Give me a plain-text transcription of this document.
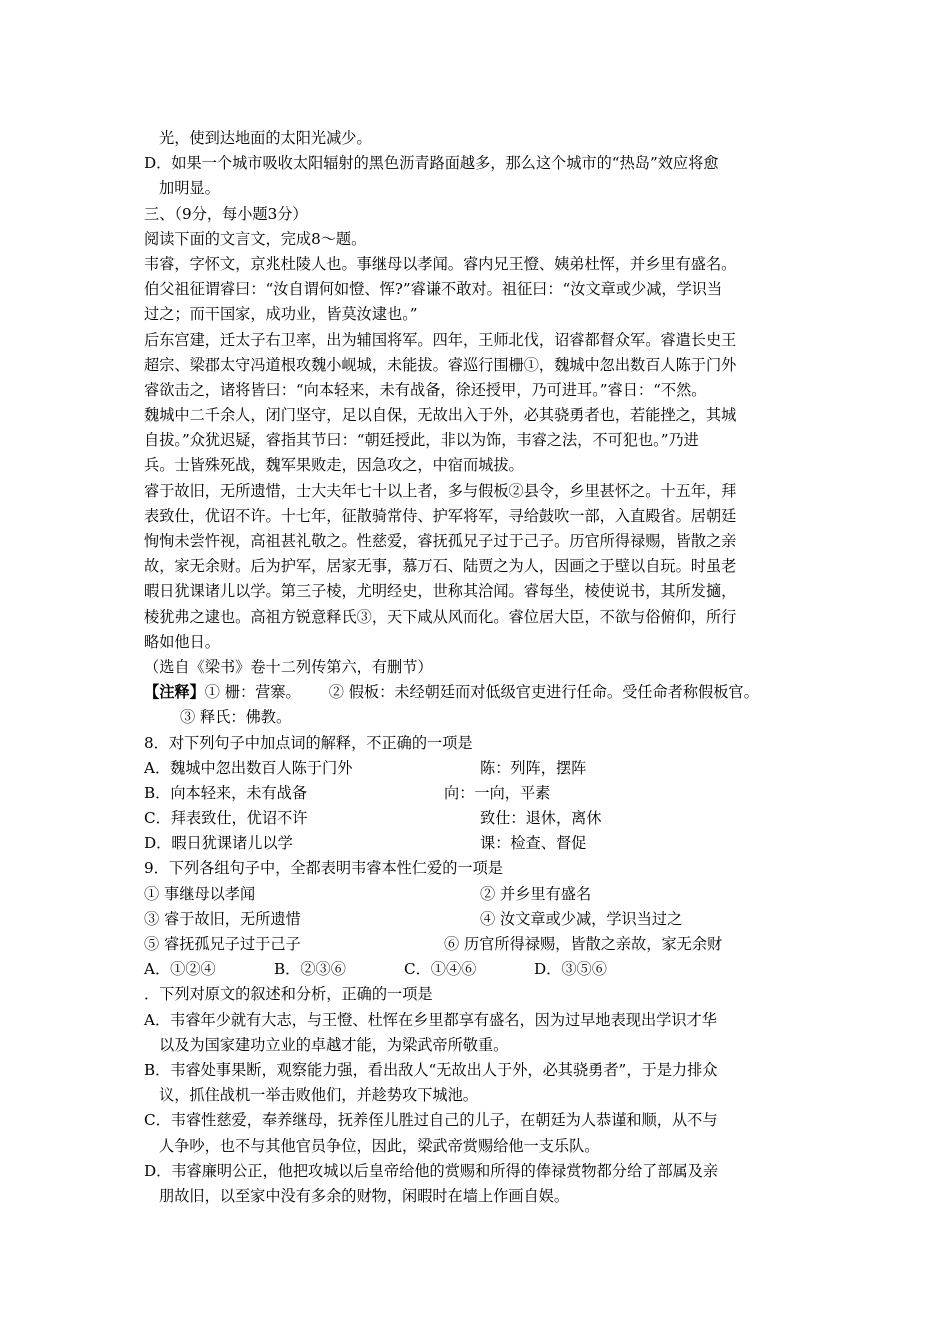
光，使到达地面的太阳光减少。
D．如果一个城市吸收太阳辐射的黑色沥青路面越多，那么这个城市的“热岛”效应将愈
加明显。
三、（9分，每小题3分）
阅读下面的文言文，完成8～题。
韦睿，字怀文，京兆杜陵人也。事继母以孝闻。睿内兄王憕、姨弟杜恽，并乡里有盛名。
伯父祖征谓睿曰：“汝自谓何如憕、恽?”睿谦不敢对。祖征曰：“汝文章或少减，学识当
过之；而干国家，成功业，皆莫汝逮也。”
后东宫建，迁太子右卫率，出为辅国将军。四年，王师北伐，诏睿都督众军。睿遣长史王
超宗、梁郡太守冯道根攻魏小岘城，未能拔。睿巡行围栅①，魏城中忽出数百人陈于门外
睿欲击之，诸将皆曰：“向本轻来，未有战备，徐还授甲，乃可进耳。”睿日：“不然。
魏城中二千余人，闭门坚守，足以自保，无故出入于外，必其骁勇者也，若能挫之，其城
自拔。”众犹迟疑，睿指其节曰：“朝廷授此，非以为饰，韦睿之法，不可犯也。”乃进
兵。士皆殊死战，魏军果败走，因急攻之，中宿而城拔。
睿于故旧，无所遗惜，士大夫年七十以上者，多与假板②县令，乡里甚怀之。十五年，拜
表致仕，优诏不许。十七年，征散骑常侍、护军将军，寻给鼓吹一部，入直殿省。居朝廷
恂恂未尝忤视，高祖甚礼敬之。性慈爱，睿抚孤兄子过于己子。历官所得禄赐，皆散之亲
故，家无余财。后为护军，居家无事，慕万石、陆贾之为人，因画之于壁以自玩。时虽老
暇日犹课诸儿以学。第三子棱，尤明经史，世称其洽闻。睿每坐，棱使说书，其所发擿，
棱犹弗之逮也。高祖方锐意释氏③，天下咸从风而化。睿位居大臣，不欲与俗俯仰，所行
略如他日。
（选自《梁书》卷十二列传第六，有删节）
【注释】① 栅：营寨。 ② 假板：未经朝廷而对低级官吏进行任命。受任命者称假板官。
③ 释氏：佛教。
8．对下列句子中加点词的解释，不正确的一项是
A．魏城中忽出数百人陈于门外	陈：列阵，摆阵
B．向本轻来，未有战备	向：一向，平素
C．拜表致仕，优诏不许	致仕：退休，离休
D．暇日犹课诸儿以学	课：检查、督促
9．下列各组句子中，全都表明韦睿本性仁爱的一项是
① 事继母以孝闻	② 并乡里有盛名
③ 睿于故旧，无所遗惜	④ 汝文章或少减，学识当过之
⑤ 睿抚孤兄子过于己子	⑥ 历官所得禄赐，皆散之亲故，家无余财
A．①②④	B．②③⑥	C．①④⑥	D．③⑤⑥
．下列对原文的叙述和分析，正确的一项是
A．韦睿年少就有大志，与王憕、杜恽在乡里都享有盛名，因为过早地表现出学识才华
以及为国家建功立业的卓越才能，为梁武帝所敬重。
B．韦睿处事果断，观察能力强，看出敌人“无故出人于外，必其骁勇者”，于是力排众
议，抓住战机一举击败他们，并趁势攻下城池。
C．韦睿性慈爱，奉养继母，抚养侄儿胜过自己的儿子，在朝廷为人恭谨和顺，从不与
人争吵，也不与其他官员争位，因此，梁武帝赏赐给他一支乐队。
D．韦睿廉明公正，他把攻城以后皇帝给他的赏赐和所得的俸禄赏物都分给了部属及亲
朋故旧，以至家中没有多余的财物，闲暇时在墙上作画自娱。
